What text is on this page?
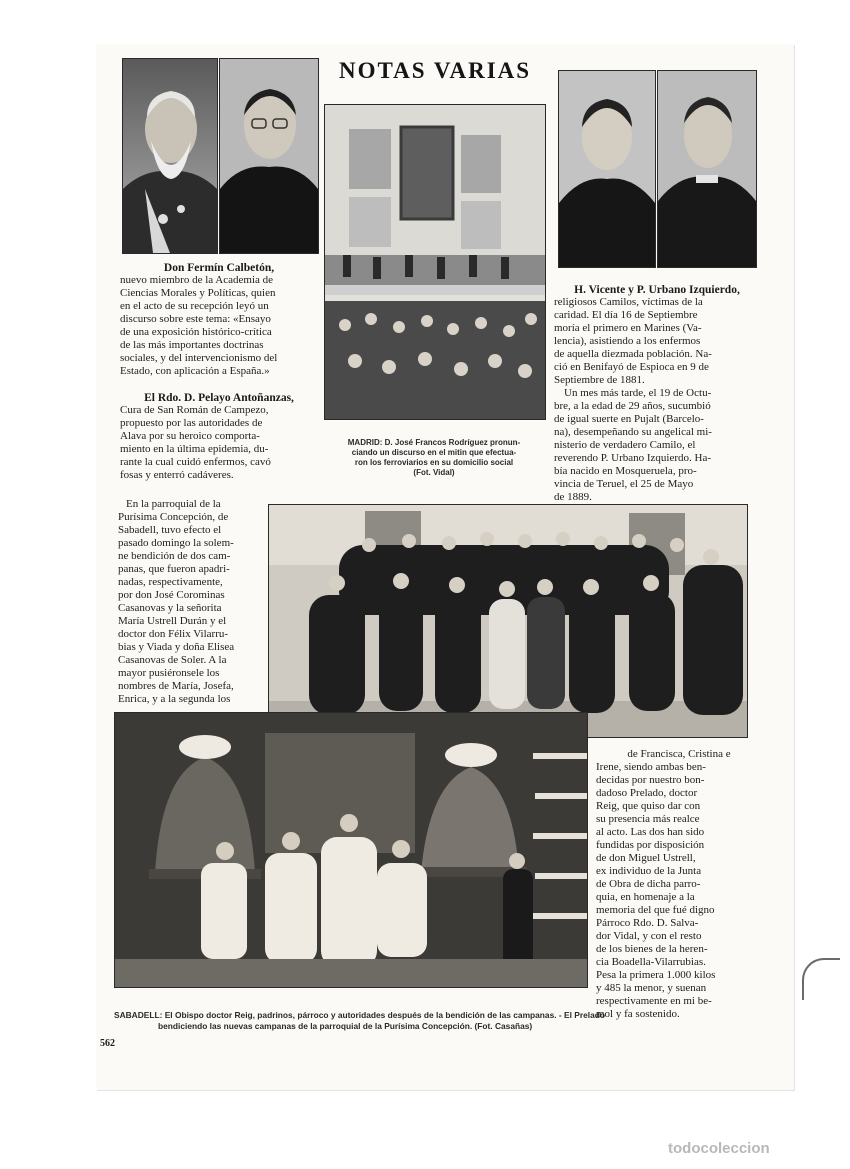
NOTAS VARIAS
Don Fermín Calbetón,
nuevo miembro de la Academia de
Ciencias Morales y Políticas, quien
en el acto de su recepción leyó un
discurso sobre este tema: «Ensayo
de una exposición histórico-crítica
de las más importantes doctrinas
sociales, y del intervencionismo del
Estado, con aplicación a España.»
El Rdo. D. Pelayo Antoñanzas,
Cura de San Román de Campezo,
propuesto por las autoridades de
Alava por su heroico comporta-
miento en la última epidemia, du-
rante la cual cuidó enfermos, cavó
fosas y enterró cadáveres.
MADRID: D. José Francos Rodríguez pronun-
ciando un discurso en el mitin que efectua-
ron los ferroviarios en su domicilio social
(Fot. Vidal)
H. Vicente y P. Urbano Izquierdo,
religiosos Camilos, víctimas de la
caridad. El día 16 de Septiembre
moría el primero en Marines (Va-
lencia), asistiendo a los enfermos
de aquella diezmada población. Na-
ció en Benifayó de Espioca en 9 de
Septiembre de 1881.
Un mes más tarde, el 19 de Octu-
bre, a la edad de 29 años, sucumbió
de igual suerte en Pujalt (Barcelo-
na), desempeñando su angelical mi-
nisterio de verdadero Camilo, el
reverendo P. Urbano Izquierdo. Ha-
bía nacido en Mosqueruela, pro-
vincia de Teruel, el 25 de Mayo
de 1889.
En la parroquial de la
Purísima Concepción, de
Sabadell, tuvo efecto el
pasado domingo la solem-
ne bendición de dos cam-
panas, que fueron apadri-
nadas, respectivamente,
por don José Corominas
Casanovas y la señorita
María Ustrell Durán y el
doctor don Félix Vilarru-
bias y Viada y doña Elisea
Casanovas de Soler. A la
mayor pusiéronsele los
nombres de María, Josefa,
Enrica, y a la segunda los
de Francisca, Cristina e
Irene, siendo ambas ben-
decidas por nuestro bon-
dadoso Prelado, doctor
Reig, que quiso dar con
su presencia más realce
al acto. Las dos han sido
fundidas por disposición
de don Miguel Ustrell,
ex individuo de la Junta
de Obra de dicha parro-
quia, en homenaje a la
memoria del que fué digno
Párroco Rdo. D. Salva-
dor Vidal, y con el resto
de los bienes de la heren-
cia Boadella-Vilarrubias.
Pesa la primera 1.000 kilos
y 485 la menor, y suenan
respectivamente en mi be-
mol y fa sostenido.
SABADELL: El Obispo doctor Reig, padrinos, párroco y autoridades después de la bendición de las campanas. - El Prelado
bendiciendo las nuevas campanas de la parroquial de la Purísima Concepción. (Fot. Casañas)
562
todocoleccion
